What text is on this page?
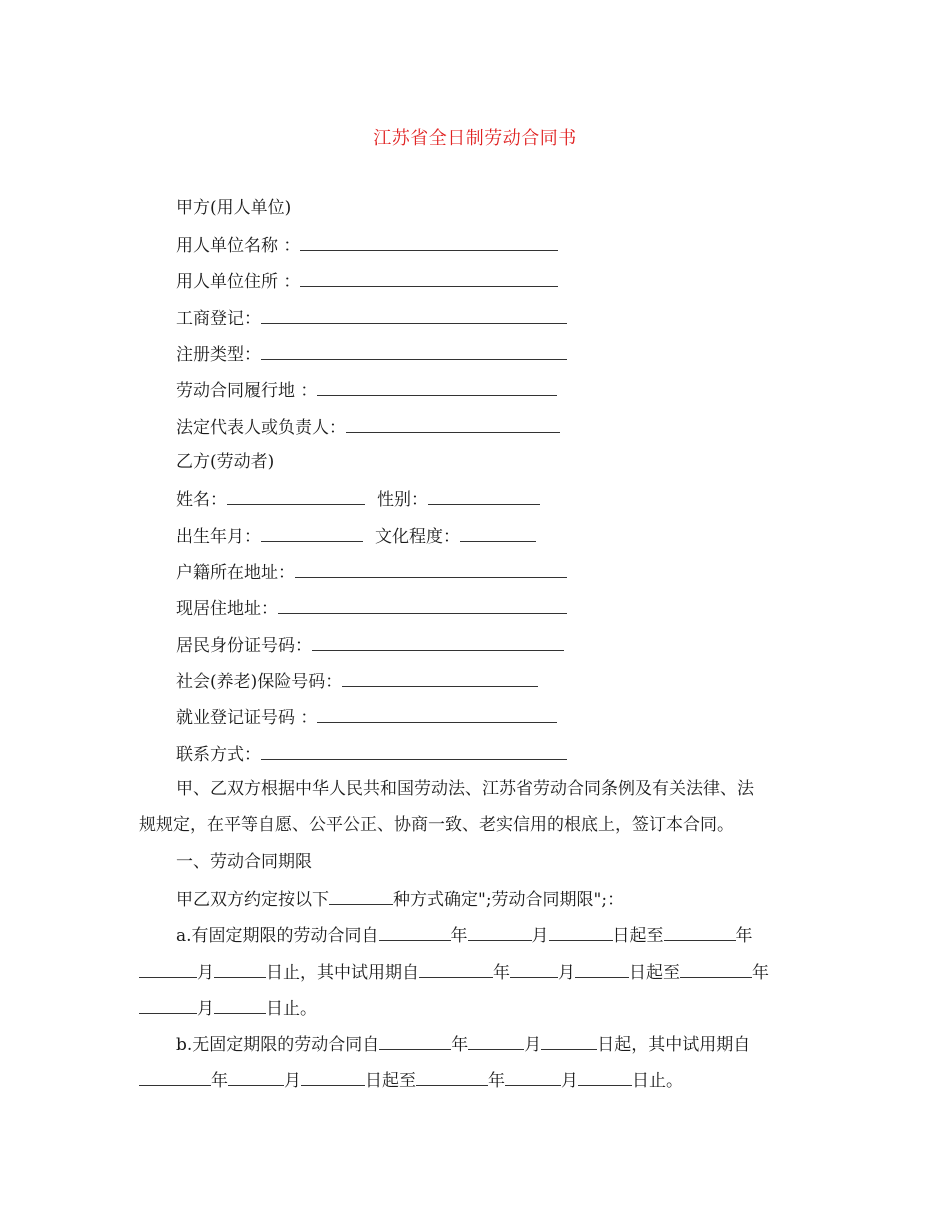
江苏省全日制劳动合同书
甲方(用人单位)
用人单位名称 ：
用人单位住所 ：
工商登记：
注册类型：
劳动合同履行地 ：
法定代表人或负责人：
乙方(劳动者)
姓名：	性别：
出生年月：	文化程度：
户籍所在地址：
现居住地址：
居民身份证号码：
社会(养老)保险号码：
就业登记证号码 ：
联系方式：
甲、乙双方根据中华人民共和国劳动法、江苏省劳动合同条例及有关法律、法
规规定，在平等自愿、公平公正、协商一致、老实信用的根底上，签订本合同。
一、劳动合同期限
甲乙双方约定按以下	种方式确定";劳动合同期限";：
a.有固定期限的劳动合同自	年	月	日起至	年
月	日止，其中试用期自	年	月	日起至	年
月	日止。
b.无固定期限的劳动合同自	年	月	日起，其中试用期自
年	月	日起至	年	月	日止。
